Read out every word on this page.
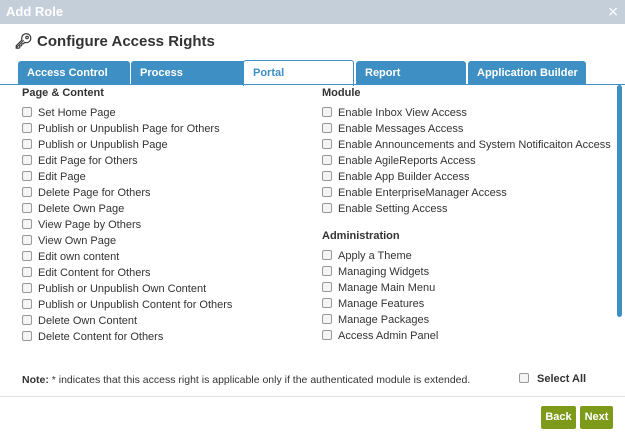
Add Role	×
🔑︎ Configure Access Rights
Access Control	Process	Portal	Report	Application Builder
Page & Content
Set Home Page
Publish or Unpublish Page for Others
Publish or Unpublish Page
Edit Page for Others
Edit Page
Delete Page for Others
Delete Own Page
View Page by Others
View Own Page
Edit own content
Edit Content for Others
Publish or Unpublish Own Content
Publish or Unpublish Content for Others
Delete Own Content
Delete Content for Others
Module
Enable Inbox View Access
Enable Messages Access
Enable Announcements and System Notificaiton Access
Enable AgileReports Access
Enable App Builder Access
Enable EnterpriseManager Access
Enable Setting Access
Administration
Apply a Theme
Managing Widgets
Manage Main Menu
Manage Features
Manage Packages
Access Admin Panel
Note: * indicates that this access right is applicable only if the authenticated module is extended.	Select All
Back	Next
